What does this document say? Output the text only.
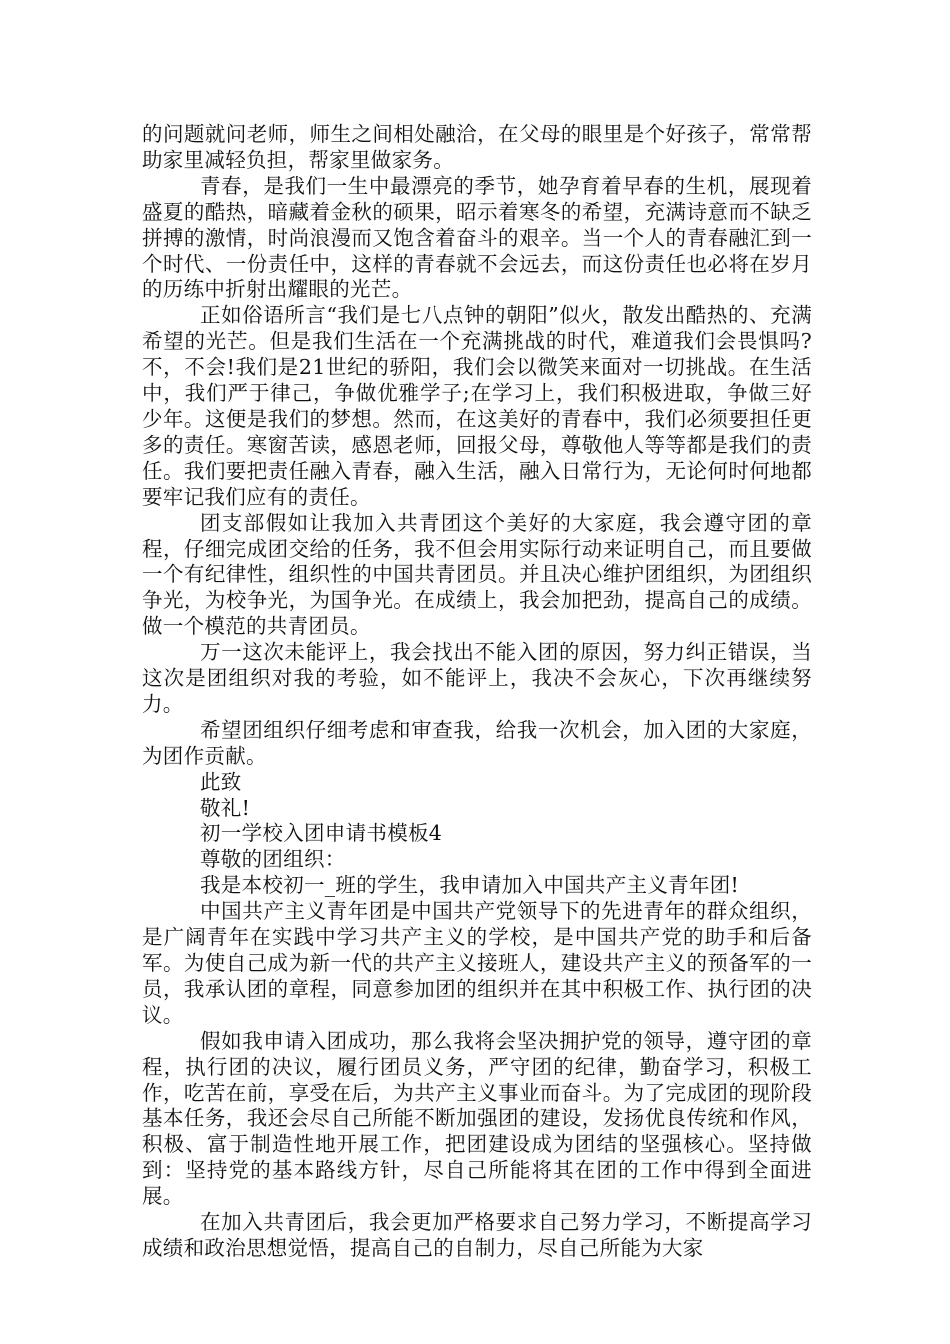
的问题就问老师，师生之间相处融洽，在父母的眼里是个好孩子，常常帮助家里减轻负担，帮家里做家务。

青春，是我们一生中最漂亮的季节，她孕育着早春的生机，展现着盛夏的酷热，暗藏着金秋的硕果，昭示着寒冬的希望，充满诗意而不缺乏拼搏的激情，时尚浪漫而又饱含着奋斗的艰辛。当一个人的青春融汇到一个时代、一份责任中，这样的青春就不会远去，而这份责任也必将在岁月的历练中折射出耀眼的光芒。

正如俗语所言“我们是七八点钟的朝阳”似火，散发出酷热的、充满希望的光芒。但是我们生活在一个充满挑战的时代，难道我们会畏惧吗?不，不会!我们是21世纪的骄阳，我们会以微笑来面对一切挑战。在生活中，我们严于律己，争做优雅学子;在学习上，我们积极进取，争做三好少年。这便是我们的梦想。然而，在这美好的青春中，我们必须要担任更多的责任。寒窗苦读，感恩老师，回报父母，尊敬他人等等都是我们的责任。我们要把责任融入青春，融入生活，融入日常行为，无论何时何地都要牢记我们应有的责任。

团支部假如让我加入共青团这个美好的大家庭，我会遵守团的章程，仔细完成团交给的任务，我不但会用实际行动来证明自己，而且要做一个有纪律性，组织性的中国共青团员。并且决心维护团组织，为团组织争光，为校争光，为国争光。在成绩上，我会加把劲，提高自己的成绩。做一个模范的共青团员。

万一这次未能评上，我会找出不能入团的原因，努力纠正错误，当这次是团组织对我的考验，如不能评上，我决不会灰心，下次再继续努力。

希望团组织仔细考虑和审查我，给我一次机会，加入团的大家庭，为团作贡献。

此致

敬礼!

初一学校入团申请书模板4

尊敬的团组织：

我是本校初一_班的学生，我申请加入中国共产主义青年团!

中国共产主义青年团是中国共产党领导下的先进青年的群众组织，是广阔青年在实践中学习共产主义的学校，是中国共产党的助手和后备军。为使自己成为新一代的共产主义接班人，建设共产主义的预备军的一员，我承认团的章程，同意参加团的组织并在其中积极工作、执行团的决议。

假如我申请入团成功，那么我将会坚决拥护党的领导，遵守团的章程，执行团的决议，履行团员义务，严守团的纪律，勤奋学习，积极工作，吃苦在前，享受在后，为共产主义事业而奋斗。为了完成团的现阶段基本任务，我还会尽自己所能不断加强团的建设，发扬优良传统和作风，积极、富于制造性地开展工作，把团建设成为团结的坚强核心。坚持做到：坚持党的基本路线方针，尽自己所能将其在团的工作中得到全面进展。

在加入共青团后，我会更加严格要求自己努力学习，不断提高学习成绩和政治思想觉悟，提高自己的自制力，尽自己所能为大家
